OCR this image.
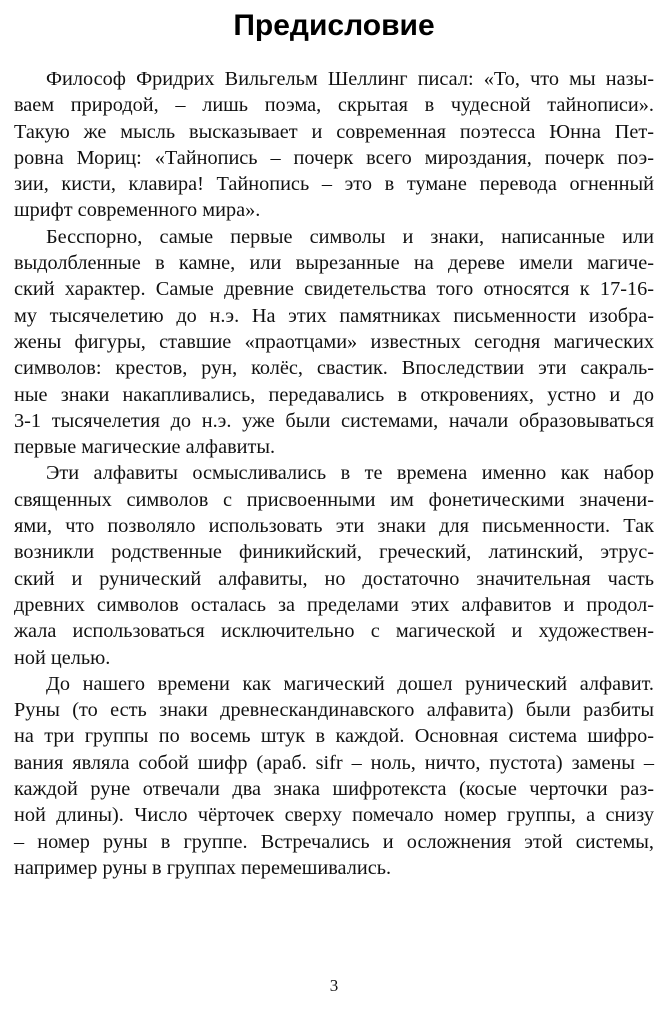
Предисловие

Философ Фридрих Вильгельм Шеллинг писал: «То, что мы назы-
ваем природой, – лишь поэма, скрытая в чудесной тайнописи».
Такую же мысль высказывает и современная поэтесса Юнна Пет-
ровна Мориц: «Тайнопись – почерк всего мироздания, почерк поэ-
зии, кисти, клавира! Тайнопись – это в тумане перевода огненный
шрифт современного мира».

Бесспорно, самые первые символы и знаки, написанные или
выдолбленные в камне, или вырезанные на дереве имели магиче-
ский характер. Самые древние свидетельства того относятся к 17-16-
му тысячелетию до н.э. На этих памятниках письменности изобра-
жены фигуры, ставшие «праотцами» известных сегодня магических
символов: крестов, рун, колёс, свастик. Впоследствии эти сакраль-
ные знаки накапливались, передавались в откровениях, устно и до
3-1 тысячелетия до н.э. уже были системами, начали образовываться
первые магические алфавиты.

Эти алфавиты осмысливались в те времена именно как набор
священных символов с присвоенными им фонетическими значени-
ями, что позволяло использовать эти знаки для письменности. Так
возникли родственные финикийский, греческий, латинский, этрус-
ский и рунический алфавиты, но достаточно значительная часть
древних символов осталась за пределами этих алфавитов и продол-
жала использоваться исключительно с магической и художествен-
ной целью.

До нашего времени как магический дошел рунический алфавит.
Руны (то есть знаки древнескандинавского алфавита) были разбиты
на три группы по восемь штук в каждой. Основная система шифро-
вания являла собой шифр (араб. sifr – ноль, ничто, пустота) замены –
каждой руне отвечали два знака шифротекста (косые черточки раз-
ной длины). Число чёрточек сверху помечало номер группы, а снизу
– номер руны в группе. Встречались и осложнения этой системы,
например руны в группах перемешивались.

3
